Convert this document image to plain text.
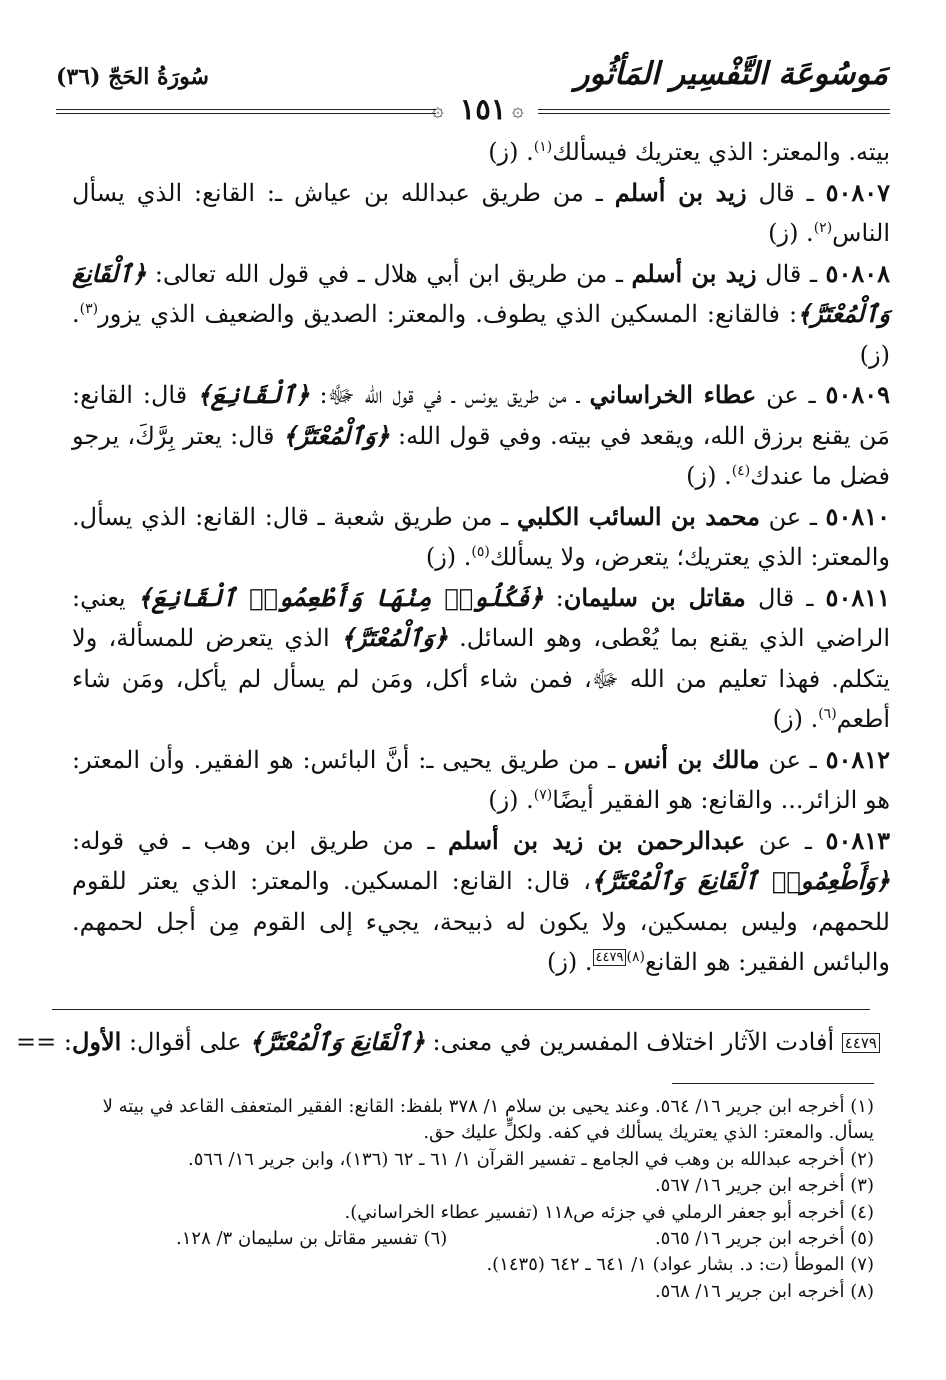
سُورَةُ الحَجّ (٣٦)	مَوسُوعَة التَّفْسِير المَأثُور
۞	۞
١٥١

بيته. والمعتر: الذي يعتريك فيسألك$^{(١)}$. (ز)

٥٠٨٠٧ ـ قال زيد بن أسلم ـ من طريق عبدالله بن عياش ـ: القانع: الذي يسأل الناس$^{(٢)}$. (ز)

٥٠٨٠٨ ـ قال زيد بن أسلم ـ من طريق ابن أبي هلال ـ في قول الله تعالى: ﴿ٱلْقَانِعَ وَٱلْمُعْتَرَّ﴾: فالقانع: المسكين الذي يطوف. والمعتر: الصديق والضعيف الذي يزور$^{(٣)}$. (ز)

٥٠٨٠٩ ـ عن عطاء الخراساني ـ من طريق يونس ـ في قول الله ﷻ: ﴿ٱلْقَانِعَ﴾ قال: القانع: مَن يقنع برزق الله، ويقعد في بيته. وفي قول الله: ﴿وَٱلْمُعْتَرَّ﴾ قال: يعتر بِرَّكَ، يرجو فضل ما عندك$^{(٤)}$. (ز)

٥٠٨١٠ ـ عن محمد بن السائب الكلبي ـ من طريق شعبة ـ قال: القانع: الذي يسأل. والمعتر: الذي يعتريك؛ يتعرض، ولا يسألك$^{(٥)}$. (ز)

٥٠٨١١ ـ قال مقاتل بن سليمان: ﴿فَكُلُوا۟ مِنْهَا وَأَطْعِمُوا۟ ٱلْقَانِعَ﴾ يعني: الراضي الذي يقنع بما يُعْطى، وهو السائل. ﴿وَٱلْمُعْتَرَّ﴾ الذي يتعرض للمسألة، ولا يتكلم. فهذا تعليم من الله ﷻ، فمن شاء أكل، ومَن لم يسأل لم يأكل، ومَن شاء أطعم$^{(٦)}$. (ز)

٥٠٨١٢ ـ عن مالك بن أنس ـ من طريق يحيى ـ: أنَّ البائس: هو الفقير. وأن المعتر: هو الزائر... والقانع: هو الفقير أيضًا$^{(٧)}$. (ز)

٥٠٨١٣ ـ عن عبدالرحمن بن زيد بن أسلم ـ من طريق ابن وهب ـ في قوله: ﴿وَأَطْعِمُوا۟ ٱلْقَانِعَ وَٱلْمُعْتَرَّ﴾، قال: القانع: المسكين. والمعتر: الذي يعتر للقوم للحمهم، وليس بمسكين، ولا يكون له ذبيحة، يجيء إلى القوم مِن أجل لحمهم. والبائس الفقير: هو القانع$^{(٨)٤٤٧٩}$. (ز)

٤٤٧٩ أفادت الآثار اختلاف المفسرين في معنى: ﴿ٱلْقَانِعَ وَٱلْمُعْتَرَّ﴾ على أقوال: الأول: ==

(١) أخرجه ابن جرير ١٦/ ٥٦٤. وعند يحيى بن سلام ١/ ٣٧٨ بلفظ: القانع: الفقير المتعفف القاعد في بيته لا يسأل. والمعتر: الذي يعتريك يسألك في كفه. ولكلٍّ عليك حق.

(٢) أخرجه عبدالله بن وهب في الجامع ـ تفسير القرآن ١/ ٦١ ـ ٦٢ (١٣٦)، وابن جرير ١٦/ ٥٦٦.

(٣) أخرجه ابن جرير ١٦/ ٥٦٧.

(٤) أخرجه أبو جعفر الرملي في جزئه ص١١٨ (تفسير عطاء الخراساني).

(٥) أخرجه ابن جرير ١٦/ ٥٦٥.
(٦) تفسير مقاتل بن سليمان ٣/ ١٢٨.

(٧) الموطأ (ت: د. بشار عواد) ١/ ٦٤١ ـ ٦٤٢ (١٤٣٥).

(٨) أخرجه ابن جرير ١٦/ ٥٦٨.
